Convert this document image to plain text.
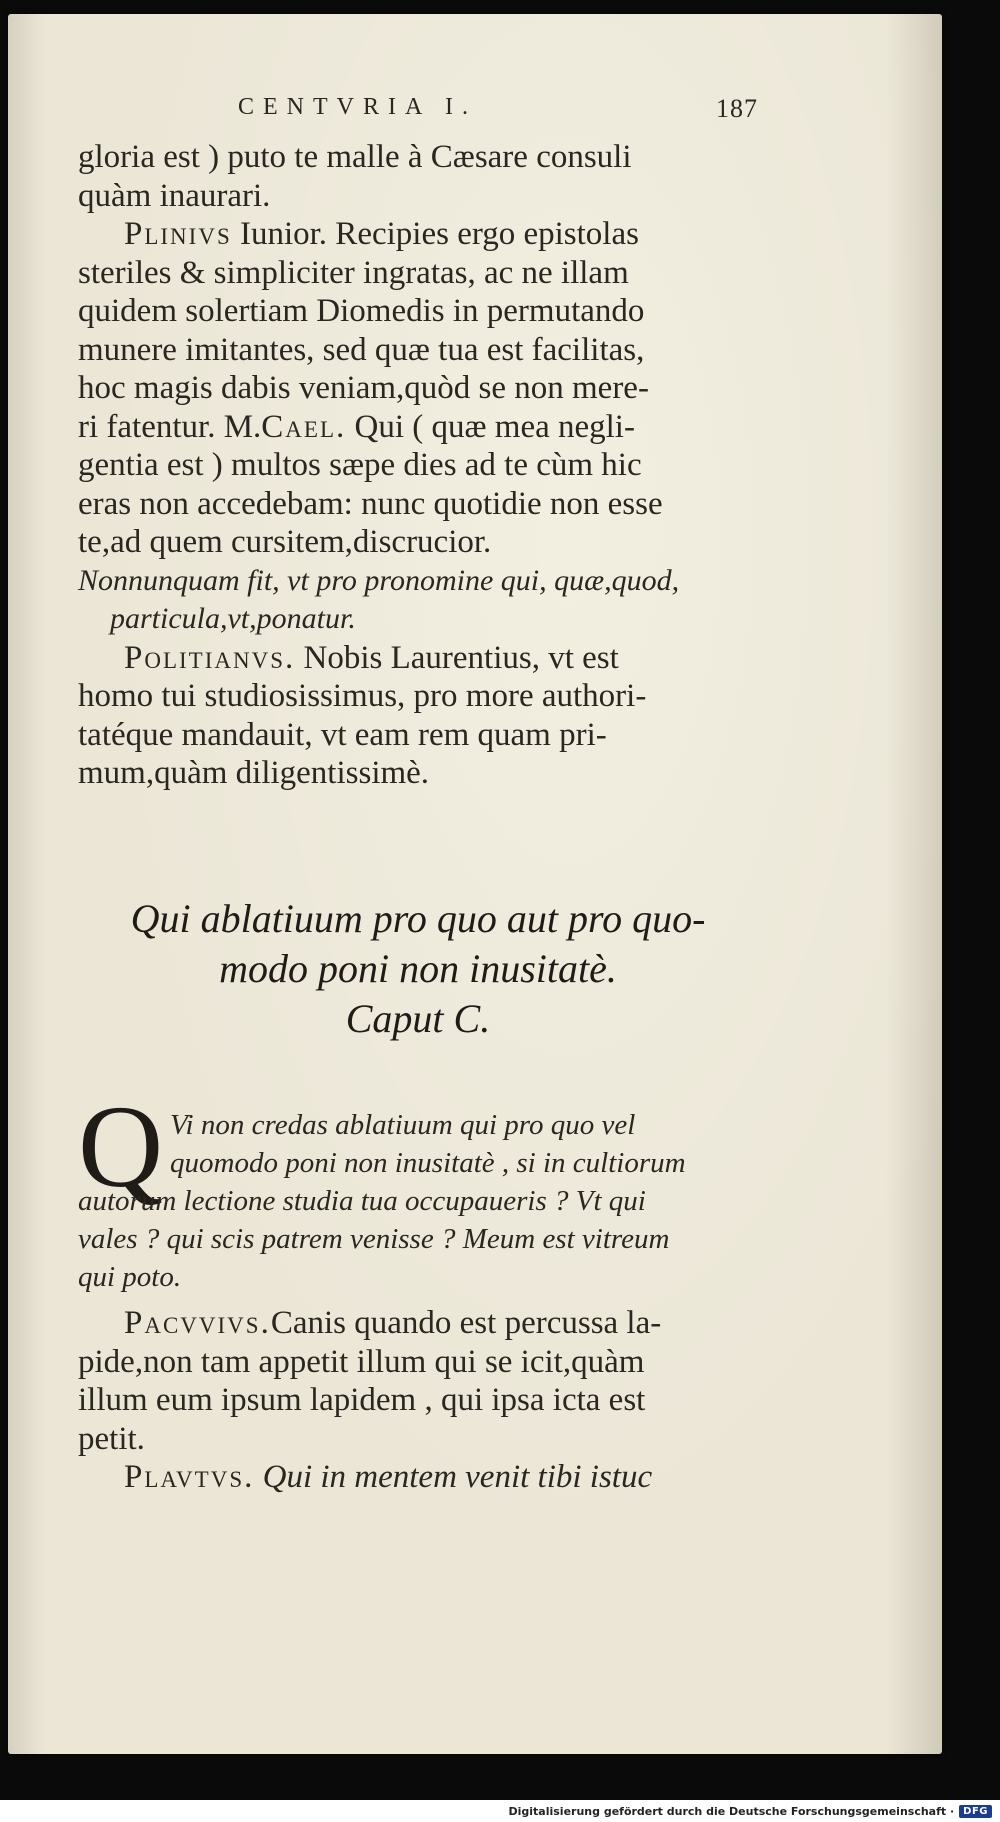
CENTVRIA I.	187
gloria est ) puto te malle à Cæsare consuli
quàm inaurari.
Plinivs Iunior. Recipies ergo epistolas
steriles & simpliciter ingratas, ac ne illam
quidem solertiam Diomedis in permutando
munere imitantes, sed quæ tua est facilitas,
hoc magis dabis veniam,quòd se non mere-
ri fatentur. M.Cael. Qui ( quæ mea negli-
gentia est ) multos sæpe dies ad te cùm hic
eras non accedebam: nunc quotidie non esse
te,ad quem cursitem,discrucior.
Nonnunquam fit, vt pro pronomine qui, quæ,quod,
particula,vt,ponatur.
Politianvs. Nobis Laurentius, vt est
homo tui studiosissimus, pro more authori-
tatéque mandauit, vt eam rem quam pri-
mum,quàm diligentissimè.
Qui ablatiuum pro quo aut pro quo-
modo poni non inusitatè.
Caput C.
Q Vi non credas ablatiuum qui pro quo vel
quomodo poni non inusitatè , si in cultiorum
autorum lectione studia tua occupaueris ? Vt qui
vales ? qui scis patrem venisse ? Meum est vitreum
qui poto.
Pacvvivs.Canis quando est percussa la-
pide,non tam appetit illum qui se icit,quàm
illum eum ipsum lapidem , qui ipsa icta est
petit.
Plavtvs. Qui in mentem venit tibi istuc
Digitalisierung gefördert durch die Deutsche Forschungsgemeinschaft · DFG
